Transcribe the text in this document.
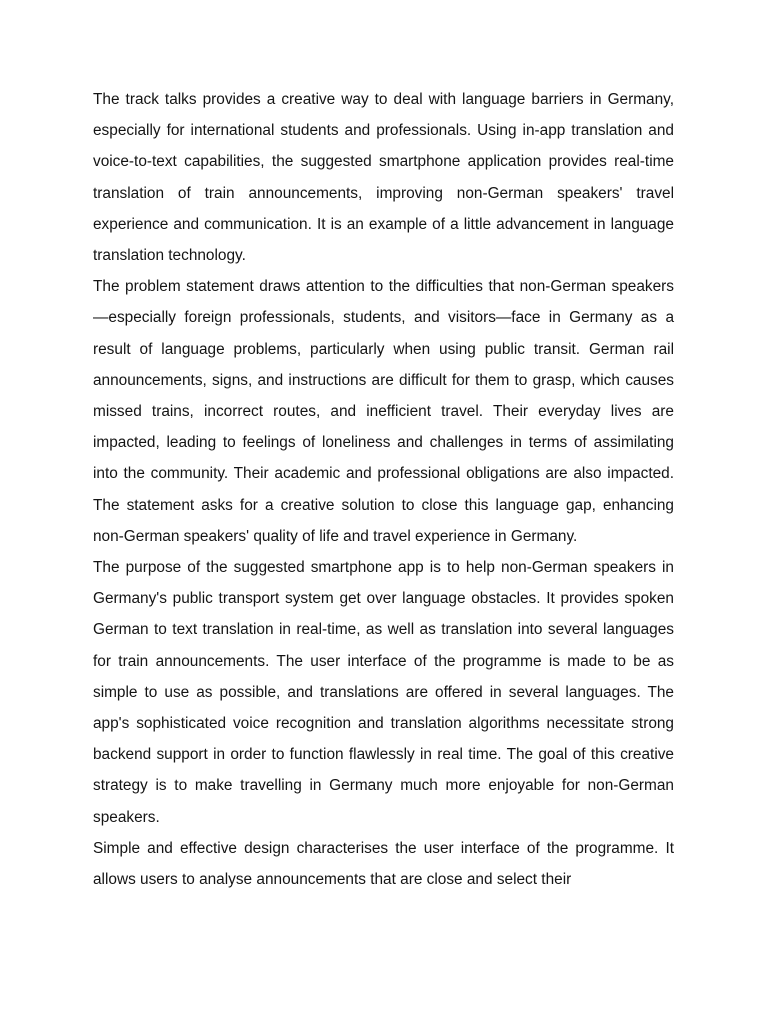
The track talks provides a creative way to deal with language barriers in Germany, especially for international students and professionals. Using in-app translation and voice-to-text capabilities, the suggested smartphone application provides real-time translation of train announcements, improving non-German speakers' travel experience and communication. It is an example of a little advancement in language translation technology.

The problem statement draws attention to the difficulties that non-German speakers—especially foreign professionals, students, and visitors—face in Germany as a result of language problems, particularly when using public transit. German rail announcements, signs, and instructions are difficult for them to grasp, which causes missed trains, incorrect routes, and inefficient travel. Their everyday lives are impacted, leading to feelings of loneliness and challenges in terms of assimilating into the community. Their academic and professional obligations are also impacted. The statement asks for a creative solution to close this language gap, enhancing non-German speakers' quality of life and travel experience in Germany.

The purpose of the suggested smartphone app is to help non-German speakers in Germany's public transport system get over language obstacles. It provides spoken German to text translation in real-time, as well as translation into several languages for train announcements. The user interface of the programme is made to be as simple to use as possible, and translations are offered in several languages. The app's sophisticated voice recognition and translation algorithms necessitate strong backend support in order to function flawlessly in real time. The goal of this creative strategy is to make travelling in Germany much more enjoyable for non-German speakers.

Simple and effective design characterises the user interface of the programme. It allows users to analyse announcements that are close and select their
